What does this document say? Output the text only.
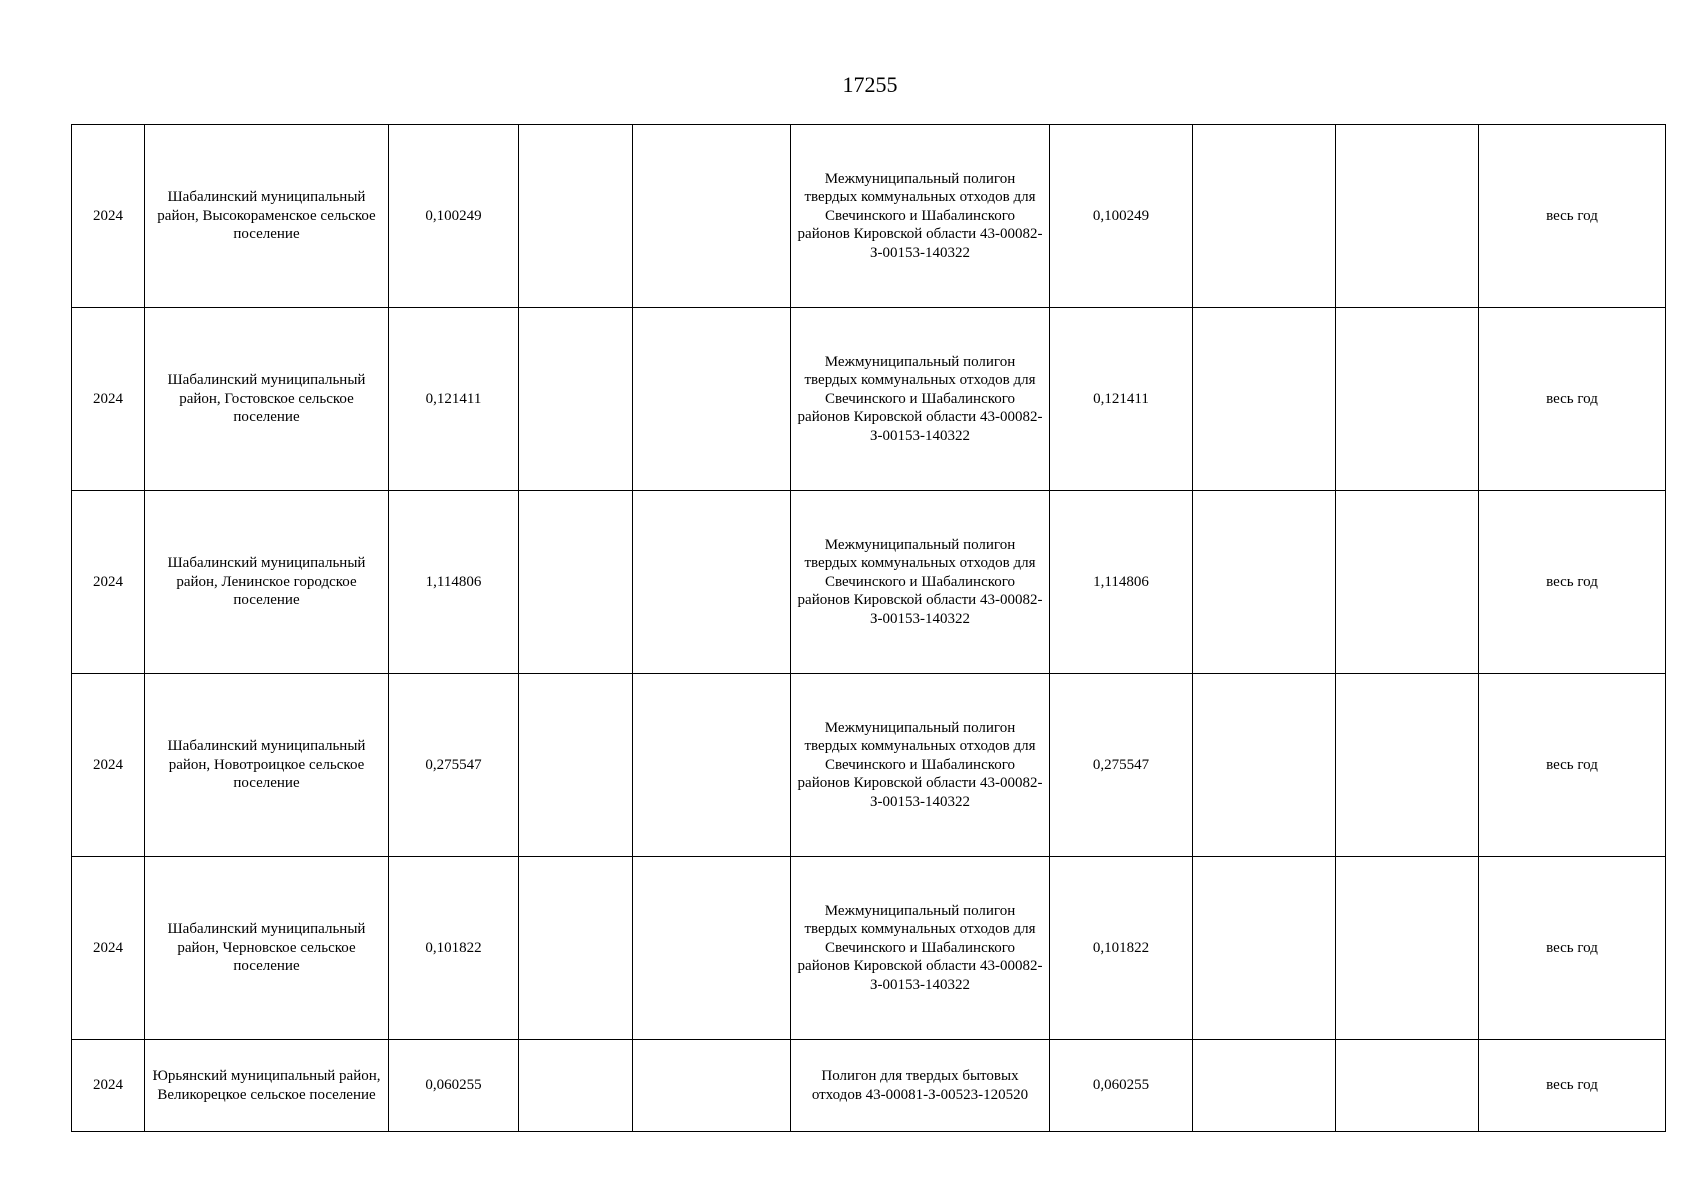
17255
2024	Шабалинский муниципальный район, Высокораменское сельское поселение	0,100249			Межмуниципальный полигон твердых коммунальных отходов для Свечинского и Шабалинского районов Кировской области 43-00082-З-00153-140322	0,100249			весь год
2024	Шабалинский муниципальный район, Гостовское сельское поселение	0,121411			Межмуниципальный полигон твердых коммунальных отходов для Свечинского и Шабалинского районов Кировской области 43-00082-З-00153-140322	0,121411			весь год
2024	Шабалинский муниципальный район, Ленинское городское поселение	1,114806			Межмуниципальный полигон твердых коммунальных отходов для Свечинского и Шабалинского районов Кировской области 43-00082-З-00153-140322	1,114806			весь год
2024	Шабалинский муниципальный район, Новотроицкое сельское поселение	0,275547			Межмуниципальный полигон твердых коммунальных отходов для Свечинского и Шабалинского районов Кировской области 43-00082-З-00153-140322	0,275547			весь год
2024	Шабалинский муниципальный район, Черновское сельское поселение	0,101822			Межмуниципальный полигон твердых коммунальных отходов для Свечинского и Шабалинского районов Кировской области 43-00082-З-00153-140322	0,101822			весь год
2024	Юрьянский муниципальный район, Великорецкое сельское поселение	0,060255			Полигон для твердых бытовых отходов 43-00081-З-00523-120520	0,060255			весь год
